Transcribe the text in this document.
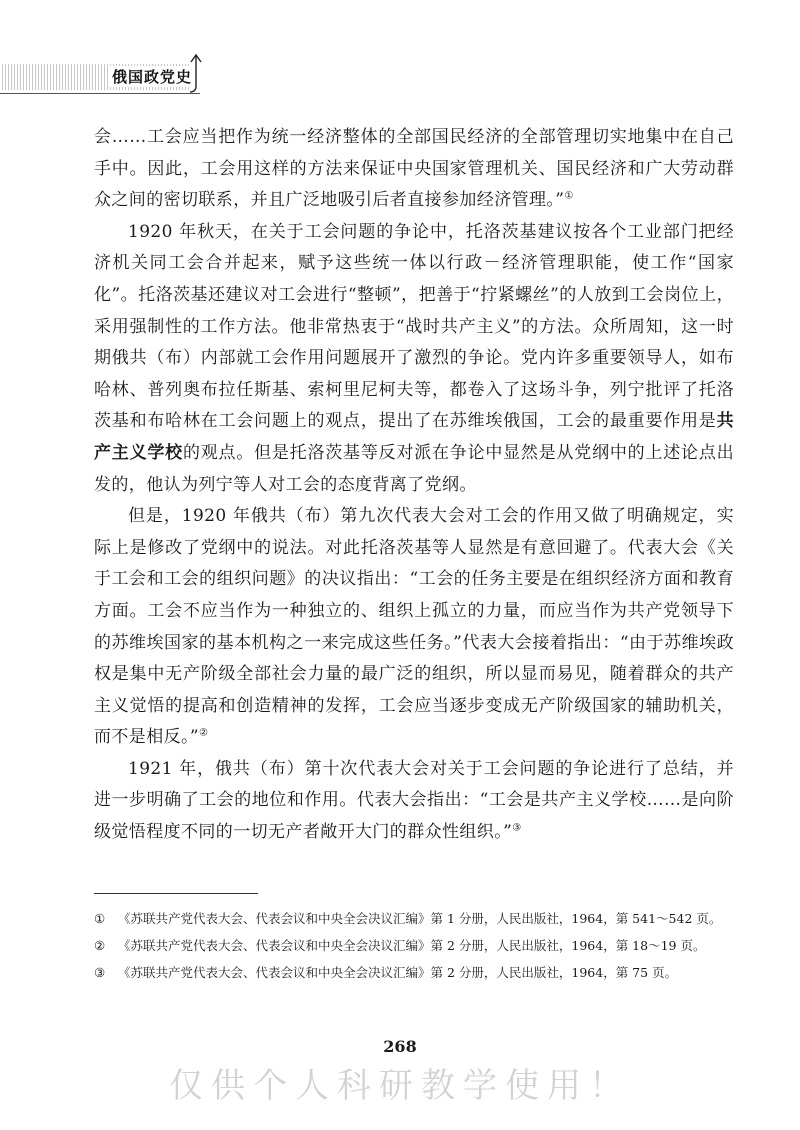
俄国政党史

会……工会应当把作为统一经济整体的全部国民经济的全部管理切实地集中在自己手中。因此，工会用这样的方法来保证中央国家管理机关、国民经济和广大劳动群众之间的密切联系，并且广泛地吸引后者直接参加经济管理。”①

1920 年秋天，在关于工会问题的争论中，托洛茨基建议按各个工业部门把经济机关同工会合并起来，赋予这些统一体以行政－经济管理职能，使工作“国家化”。托洛茨基还建议对工会进行“整顿”，把善于“拧紧螺丝”的人放到工会岗位上，采用强制性的工作方法。他非常热衷于“战时共产主义”的方法。众所周知，这一时期俄共（布）内部就工会作用问题展开了激烈的争论。党内许多重要领导人，如布哈林、普列奥布拉任斯基、索柯里尼柯夫等，都卷入了这场斗争，列宁批评了托洛茨基和布哈林在工会问题上的观点，提出了在苏维埃俄国，工会的最重要作用是共产主义学校的观点。但是托洛茨基等反对派在争论中显然是从党纲中的上述论点出发的，他认为列宁等人对工会的态度背离了党纲。

但是，1920 年俄共（布）第九次代表大会对工会的作用又做了明确规定，实际上是修改了党纲中的说法。对此托洛茨基等人显然是有意回避了。代表大会《关于工会和工会的组织问题》的决议指出：“工会的任务主要是在组织经济方面和教育方面。工会不应当作为一种独立的、组织上孤立的力量，而应当作为共产党领导下的苏维埃国家的基本机构之一来完成这些任务。”代表大会接着指出：“由于苏维埃政权是集中无产阶级全部社会力量的最广泛的组织，所以显而易见，随着群众的共产主义觉悟的提高和创造精神的发挥，工会应当逐步变成无产阶级国家的辅助机关，而不是相反。”②

1921 年，俄共（布）第十次代表大会对关于工会问题的争论进行了总结，并进一步明确了工会的地位和作用。代表大会指出：“工会是共产主义学校……是向阶级觉悟程度不同的一切无产者敞开大门的群众性组织。”③

①	《苏联共产党代表大会、代表会议和中央全会决议汇编》第 1 分册，人民出版社，1964，第 541～542 页。
②	《苏联共产党代表大会、代表会议和中央全会决议汇编》第 2 分册，人民出版社，1964，第 18～19 页。
③	《苏联共产党代表大会、代表会议和中央全会决议汇编》第 2 分册，人民出版社，1964，第 75 页。
268
仅供个人科研教学使用！
